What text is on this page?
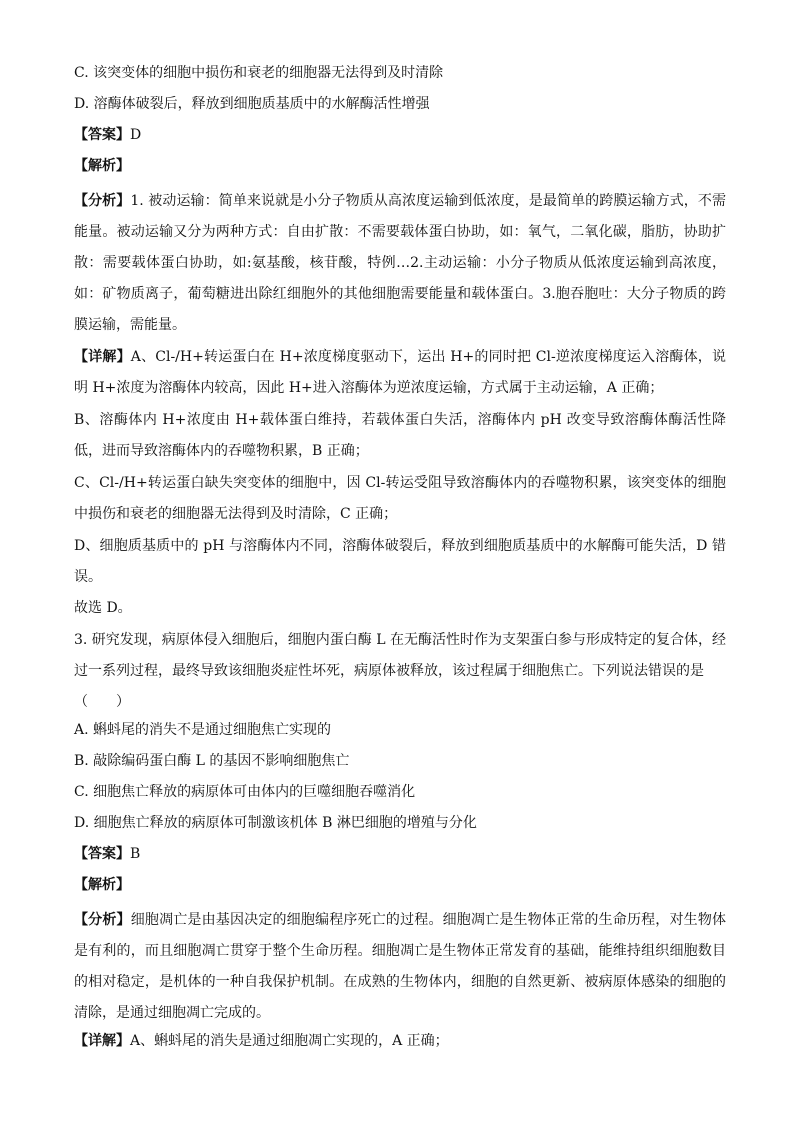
C. 该突变体的细胞中损伤和衰老的细胞器无法得到及时清除

D. 溶酶体破裂后，释放到细胞质基质中的水解酶活性增强

【答案】D

【解析】

【分析】1. 被动运输：简单来说就是小分子物质从高浓度运输到低浓度，是最简单的跨膜运输方式，不需能量。被动运输又分为两种方式：自由扩散：不需要载体蛋白协助，如：氧气，二氧化碳，脂肪，协助扩散：需要载体蛋白协助，如:氨基酸，核苷酸，特例…2.主动运输：小分子物质从低浓度运输到高浓度，如：矿物质离子，葡萄糖进出除红细胞外的其他细胞需要能量和载体蛋白。3.胞吞胞吐：大分子物质的跨膜运输，需能量。

【详解】A、Cl-/H+转运蛋白在 H+浓度梯度驱动下，运出 H+的同时把 Cl-逆浓度梯度运入溶酶体，说明 H+浓度为溶酶体内较高，因此 H+进入溶酶体为逆浓度运输，方式属于主动运输，A 正确；

B、溶酶体内 H+浓度由 H+载体蛋白维持，若载体蛋白失活，溶酶体内 pH 改变导致溶酶体酶活性降低，进而导致溶酶体内的吞噬物积累，B 正确；

C、Cl-/H+转运蛋白缺失突变体的细胞中，因 Cl-转运受阻导致溶酶体内的吞噬物积累，该突变体的细胞中损伤和衰老的细胞器无法得到及时清除，C 正确；

D、细胞质基质中的 pH 与溶酶体内不同，溶酶体破裂后，释放到细胞质基质中的水解酶可能失活，D 错误。
故选 D。

3. 研究发现，病原体侵入细胞后，细胞内蛋白酶 L 在无酶活性时作为支架蛋白参与形成特定的复合体，经过一系列过程，最终导致该细胞炎症性坏死，病原体被释放，该过程属于细胞焦亡。下列说法错误的是
（　　）

A. 蝌蚪尾的消失不是通过细胞焦亡实现的

B. 敲除编码蛋白酶 L 的基因不影响细胞焦亡

C. 细胞焦亡释放的病原体可由体内的巨噬细胞吞噬消化

D. 细胞焦亡释放的病原体可制激该机体 B 淋巴细胞的增殖与分化

【答案】B

【解析】

【分析】细胞凋亡是由基因决定的细胞编程序死亡的过程。细胞凋亡是生物体正常的生命历程，对生物体是有利的，而且细胞凋亡贯穿于整个生命历程。细胞凋亡是生物体正常发育的基础，能维持组织细胞数目的相对稳定，是机体的一种自我保护机制。在成熟的生物体内，细胞的自然更新、被病原体感染的细胞的清除，是通过细胞凋亡完成的。

【详解】A、蝌蚪尾的消失是通过细胞凋亡实现的，A 正确；
